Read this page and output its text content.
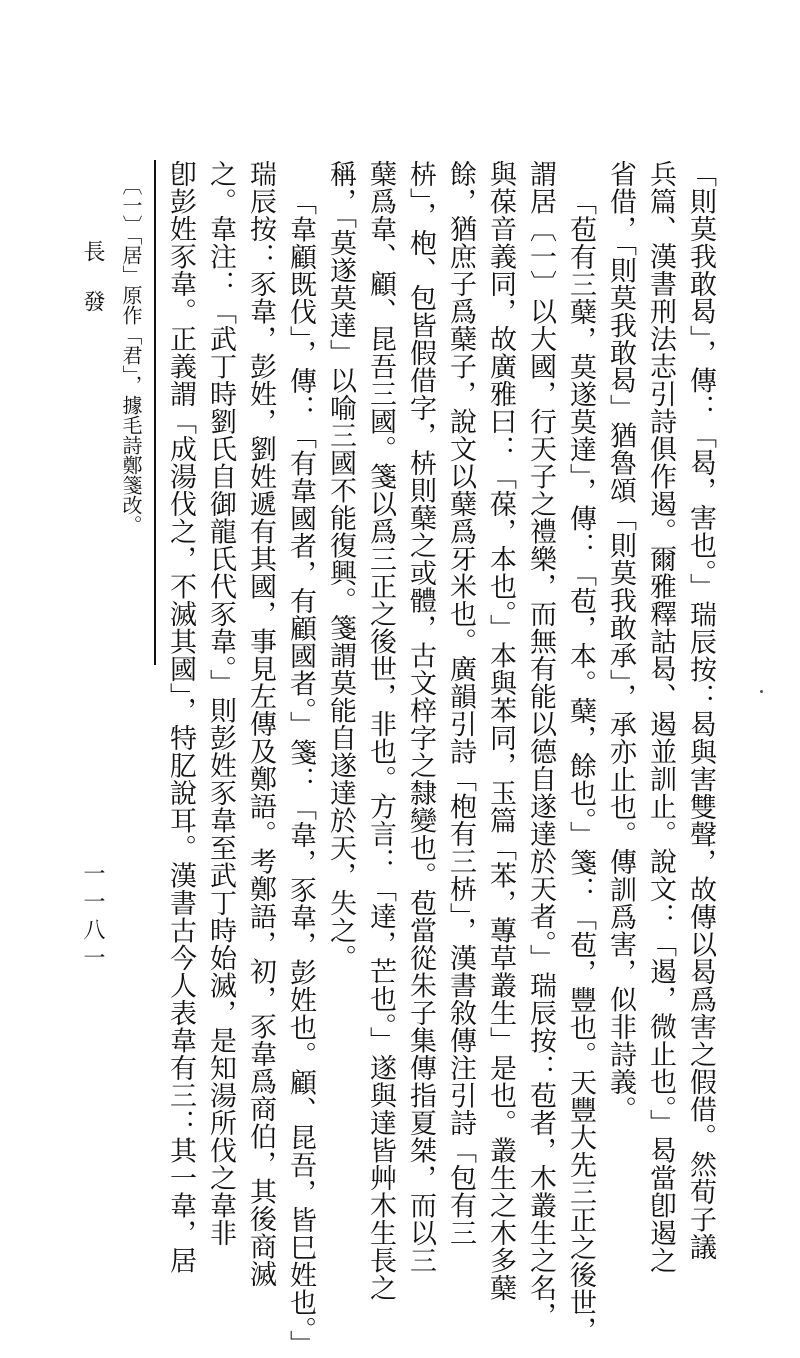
「則莫我敢曷」，傳：「曷，害也。」瑞辰按：曷與害雙聲，故傳以曷爲害之假借。然荀子議
兵篇、漢書刑法志引詩俱作遏。爾雅釋詁曷、遏並訓止。說文：「遏，微止也。」曷當卽遏之
省借，「則莫我敢曷」猶魯頌「則莫我敢承」，承亦止也。傳訓爲害，似非詩義。
「苞有三蘖，莫遂莫達」，傳：「苞，本。蘖，餘也。」箋：「苞，豐也。天豐大先三正之後世，
謂居〔一〕以大國，行天子之禮樂，而無有能以德自遂達於天者。」瑞辰按：苞者，木叢生之名，
與葆音義同，故廣雅曰：「葆，本也。」本與苯同，玉篇「苯，蓴草叢生」是也。叢生之木多蘖
餘，猶庶子爲蘖子，說文以蘖爲牙米也。廣韻引詩「枹有三枿」，漢書敘傳注引詩「包有三
枿」，枹、包皆假借字，枿則蘖之或體，古文梓字之隸變也。苞當從朱子集傳指夏桀，而以三
蘖爲韋、顧、昆吾三國。箋以爲三正之後世，非也。方言：「達，芒也。」遂與達皆艸木生長之
稱，「莫遂莫達」以喻三國不能復興。箋謂莫能自遂達於天，失之。
「韋顧既伐」，傳：「有韋國者，有顧國者。」箋：「韋，豕韋，彭姓也。顧、昆吾，皆巳姓也。」
〔一〕「居」原作「君」，據毛詩鄭箋改。
長發
一一八一	瑞辰按：豕韋，彭姓，劉姓遞有其國，事見左傳及鄭語。考鄭語，初，豕韋爲商伯，其後商滅
之。韋注：「武丁時劉氏自御龍氏代豕韋。」則彭姓豕韋至武丁時始滅，是知湯所伐之韋非
卽彭姓豕韋。正義謂「成湯伐之，不滅其國」，特肊說耳。漢書古今人表韋有三：其一韋，居
